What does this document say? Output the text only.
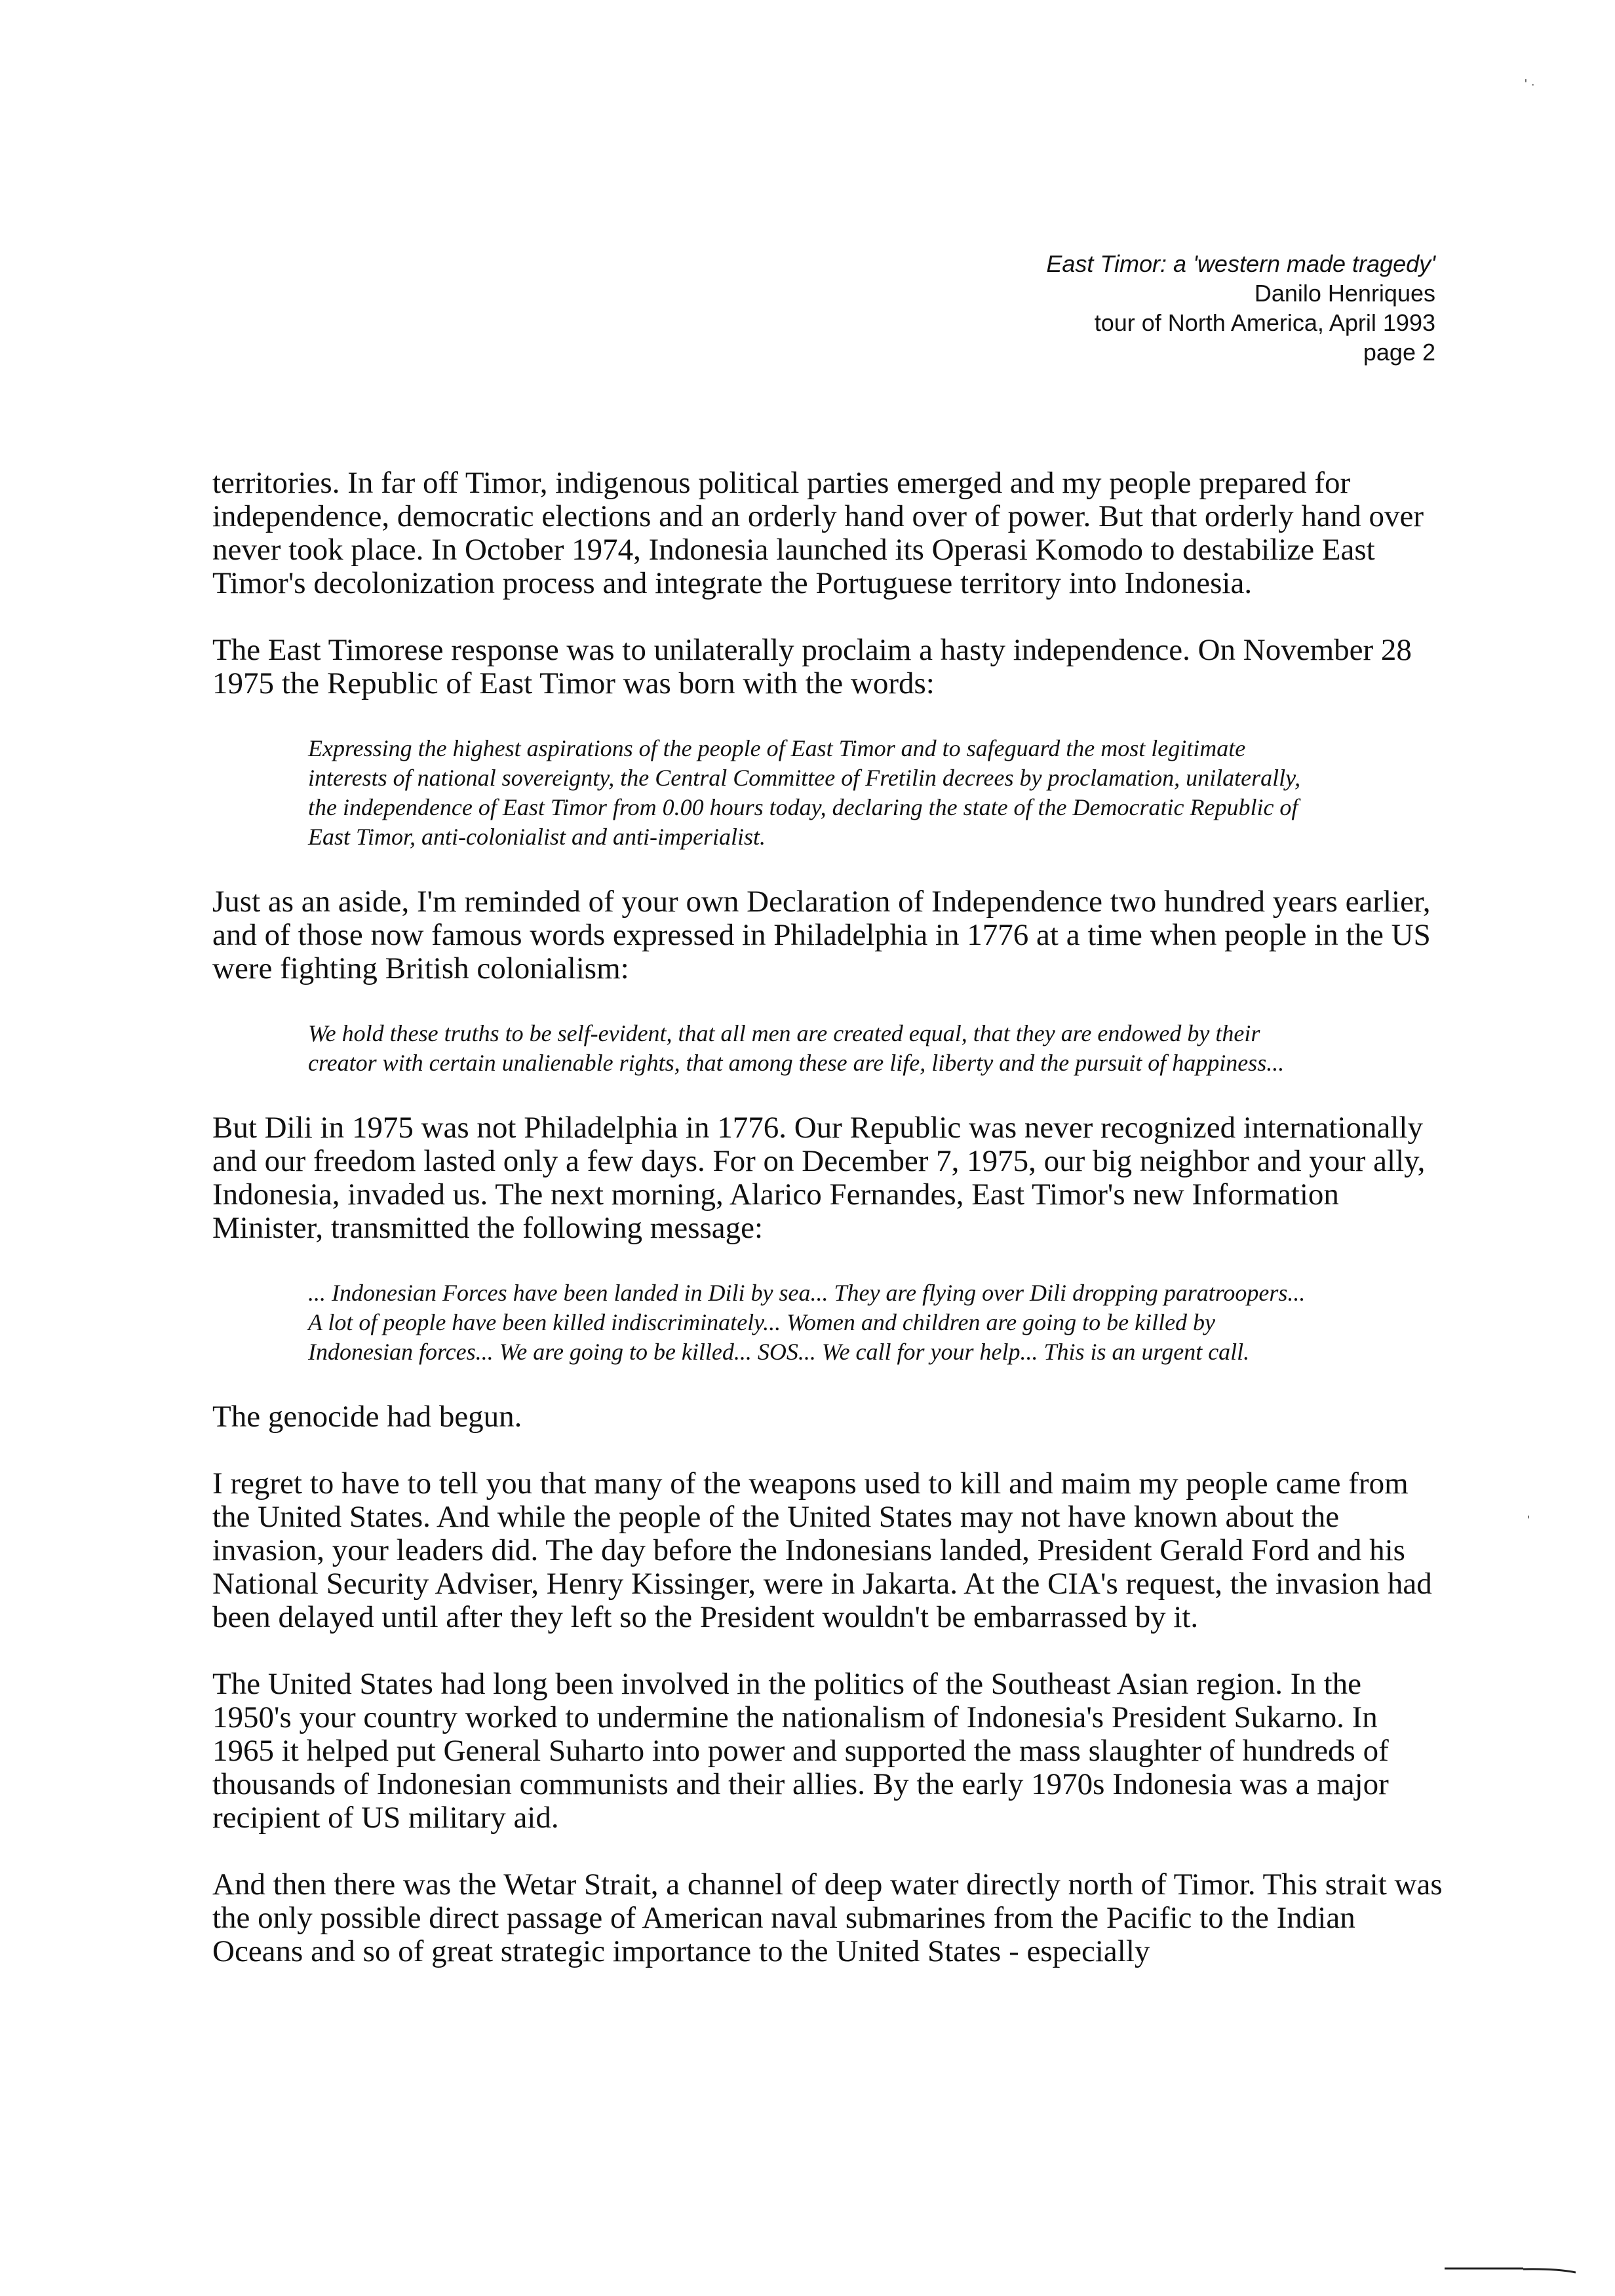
' ·
'
East Timor: a 'western made tragedy'
Danilo Henriques
tour of North America, April 1993
page 2

territories. In far off Timor, indigenous political parties emerged and my people prepared for independence, democratic elections and an orderly hand over of power. But that orderly hand over never took place. In October 1974, Indonesia launched its Operasi Komodo to destabilize East Timor's decolonization process and integrate the Portuguese territory into Indonesia.

The East Timorese response was to unilaterally proclaim a hasty independence. On November 28 1975 the Republic of East Timor was born with the words:

Expressing the highest aspirations of the people of East Timor and to safeguard the most legitimate interests of national sovereignty, the Central Committee of Fretilin decrees by proclamation, unilaterally, the independence of East Timor from 0.00 hours today, declaring the state of the Democratic Republic of East Timor, anti-colonialist and anti-imperialist.

Just as an aside, I'm reminded of your own Declaration of Independence two hundred years earlier, and of those now famous words expressed in Philadelphia in 1776 at a time when people in the US were fighting British colonialism:

We hold these truths to be self-evident, that all men are created equal, that they are endowed by their creator with certain unalienable rights, that among these are life, liberty and the pursuit of happiness...

But Dili in 1975 was not Philadelphia in 1776. Our Republic was never recognized internationally and our freedom lasted only a few days. For on December 7, 1975, our big neighbor and your ally, Indonesia, invaded us. The next morning, Alarico Fernandes, East Timor's new Information Minister, transmitted the following message:

... Indonesian Forces have been landed in Dili by sea... They are flying over Dili dropping paratroopers... A lot of people have been killed indiscriminately... Women and children are going to be killed by Indonesian forces... We are going to be killed... SOS... We call for your help... This is an urgent call.

The genocide had begun.

I regret to have to tell you that many of the weapons used to kill and maim my people came from the United States. And while the people of the United States may not have known about the invasion, your leaders did. The day before the Indonesians landed, President Gerald Ford and his National Security Adviser, Henry Kissinger, were in Jakarta. At the CIA's request, the invasion had been delayed until after they left so the President wouldn't be embarrassed by it.

The United States had long been involved in the politics of the Southeast Asian region. In the 1950's your country worked to undermine the nationalism of Indonesia's President Sukarno. In 1965 it helped put General Suharto into power and supported the mass slaughter of hundreds of thousands of Indonesian communists and their allies. By the early 1970s Indonesia was a major recipient of US military aid.

And then there was the Wetar Strait, a channel of deep water directly north of Timor. This strait was the only possible direct passage of American naval submarines from the Pacific to the Indian Oceans and so of great strategic importance to the United States - especially
